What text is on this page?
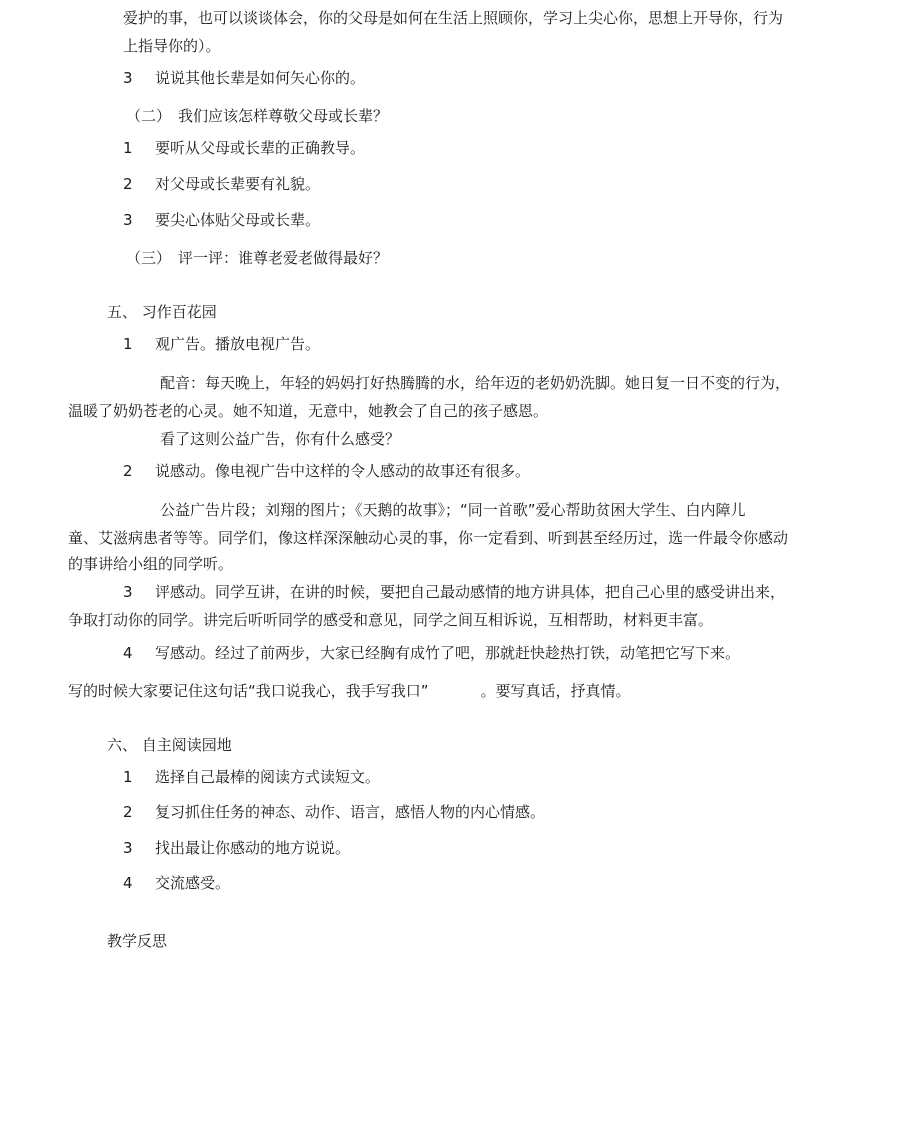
爱护的事，也可以谈谈体会，你的父母是如何在生活上照顾你，学习上尖心你，思想上开导你，行为
上指导你的）。
3 说说其他长辈是如何矢心你的。
（二） 我们应该怎样尊敬父母或长辈？
1 要听从父母或长辈的正确教导。
2 对父母或长辈要有礼貌。
3 要尖心体贴父母或长辈。
（三） 评一评：谁尊老爱老做得最好？
五、 习作百花园
1 观广告。播放电视广告。
配音：每天晚上，年轻的妈妈打好热腾腾的水，给年迈的老奶奶洗脚。她日复一日不变的行为，
温暖了奶奶苍老的心灵。她不知道，无意中，她教会了自己的孩子感恩。
看了这则公益广告，你有什么感受？
2 说感动。像电视广告中这样的令人感动的故事还有很多。
公益广告片段；刘翔的图片；《天鹅的故事》；“同一首歌”爱心帮助贫困大学生、白内障儿
童、艾滋病患者等等。同学们，像这样深深触动心灵的事，你一定看到、听到甚至经历过，选一件最令你感动
的事讲给小组的同学听。
3 评感动。同学互讲，在讲的时候，要把自己最动感情的地方讲具体，把自己心里的感受讲出来，
争取打动你的同学。讲完后听听同学的感受和意见，同学之间互相诉说，互相帮助，材料更丰富。
4 写感动。经过了前两步，大家已经胸有成竹了吧，那就赶快趁热打铁，动笔把它写下来。
写的时候大家要记住这句话“我口说我心，我手写我口”	。要写真话，抒真情。
六、 自主阅读园地
1 选择自己最棒的阅读方式读短文。
2 复习抓住任务的神态、动作、语言，感悟人物的内心情感。
3 找出最让你感动的地方说说。
4 交流感受。
教学反思
